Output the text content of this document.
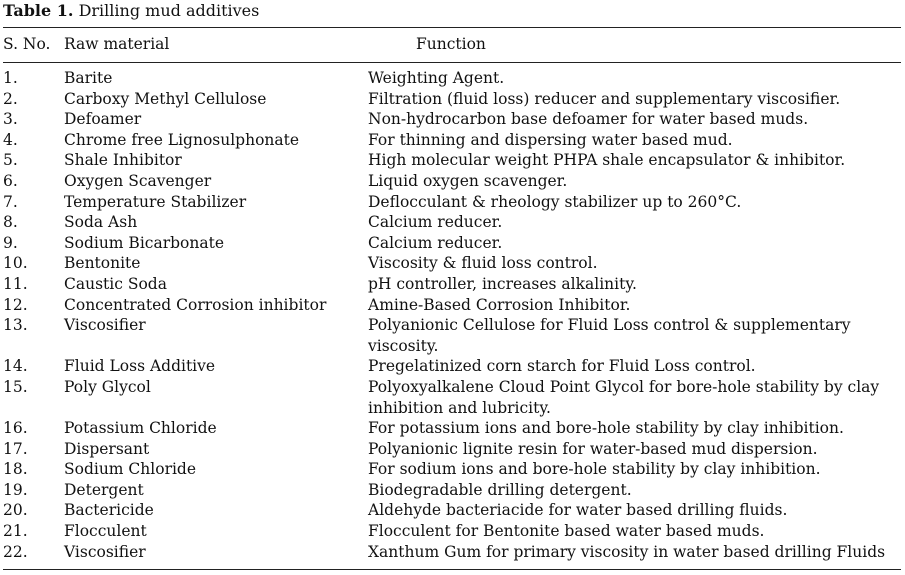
Table 1. Drilling mud additives
S. No. Raw material	Function
1.	Barite	Weighting Agent.
2.	Carboxy Methyl Cellulose	Filtration (fluid loss) reducer and supplementary viscosifier.
3.	Defoamer	Non-hydrocarbon base defoamer for water based muds.
4.	Chrome free Lignosulphonate	For thinning and dispersing water based mud.
5.	Shale Inhibitor	High molecular weight PHPA shale encapsulator & inhibitor.
6.	Oxygen Scavenger	Liquid oxygen scavenger.
7.	Temperature Stabilizer	Deflocculant & rheology stabilizer up to 260°C.
8.	Soda Ash	Calcium reducer.
9.	Sodium Bicarbonate	Calcium reducer.
10.	Bentonite	Viscosity & fluid loss control.
11.	Caustic Soda	pH controller, increases alkalinity.
12.	Concentrated Corrosion inhibitor	Amine-Based Corrosion Inhibitor.
13.	Viscosifier	Polyanionic Cellulose for Fluid Loss control & supplementary viscosity.
14.	Fluid Loss Additive	Pregelatinized corn starch for Fluid Loss control.
15.	Poly Glycol	Polyoxyalkalene Cloud Point Glycol for bore-hole stability by clay inhibition and lubricity.
16.	Potassium Chloride	For potassium ions and bore-hole stability by clay inhibition.
17.	Dispersant	Polyanionic lignite resin for water-based mud dispersion.
18.	Sodium Chloride	For sodium ions and bore-hole stability by clay inhibition.
19.	Detergent	Biodegradable drilling detergent.
20.	Bactericide	Aldehyde bacteriacide for water based drilling fluids.
21.	Flocculent	Flocculent for Bentonite based water based muds.
22.	Viscosifier	Xanthum Gum for primary viscosity in water based drilling Fluids
